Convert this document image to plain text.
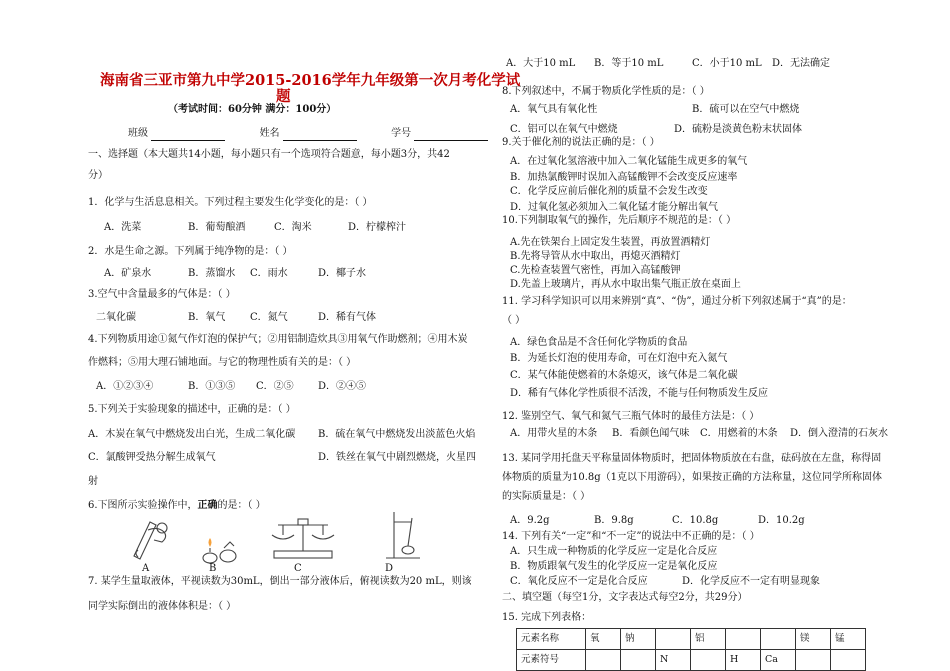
海南省三亚市第九中学2015-2016学年九年级第一次月考化学试
题
（考试时间：60分钟 满分：100分）
班级	姓名	学号
一、选择题（本大题共14小题，每小题只有一个选项符合题意，每小题3分，共42
分）
1．化学与生活息息相关。下列过程主要发生化学变化的是：（ ）
A．洗菜	B．葡萄酿酒	C．淘米	D．柠檬榨汁
2．水是生命之源。下列属于纯净物的是：（ ）
A．矿泉水	B．蒸馏水 C．雨水	D．椰子水
3.空气中含量最多的气体是：（ ）
二氧化碳	B．氧气 C．氮气	D．稀有气体
4.下列物质用途①氮气作灯泡的保护气；②用铝制造炊具③用氧气作助燃剂；④用木炭
作燃料；⑤用大理石铺地面。与它的物理性质有关的是：（ ）
A．①②③④	B．①③⑤ C．②⑤ D．②④⑤
5.下列关于实验现象的描述中，正确的是：（ ）
A．木炭在氧气中燃烧发出白光，生成二氧化碳 B．硫在氧气中燃烧发出淡蓝色火焰
C．氯酸钾受热分解生成氧气	D．铁丝在氧气中剧烈燃烧，火星四
射
6.下图所示实验操作中，正确的是：（ ）
A	B	C	D
7. 某学生量取液体，平视读数为30mL，倒出一部分液体后，俯视读数为20 mL，则该
同学实际倒出的液体体积是：（ ）
A．大于10 mL B．等于10 mL	C．小于10 mL D．无法确定
8.下列叙述中，不属于物质化学性质的是：（ ）
A．氧气具有氧化性	B．硫可以在空气中燃烧
C．铝可以在氧气中燃烧	D．硫粉是淡黄色粉末状固体
9.关于催化剂的说法正确的是：（ ）
A．在过氧化氢溶液中加入二氧化锰能生成更多的氧气
B．加热氯酸钾时误加入高锰酸钾不会改变反应速率
C．化学反应前后催化剂的质量不会发生改变
D．过氧化氢必须加入二氧化锰才能分解出氧气
10.下列制取氧气的操作，先后顺序不规范的是：（ ）
A.先在铁架台上固定发生装置，再放置酒精灯
B.先将导管从水中取出，再熄灭酒精灯
C.先检查装置气密性，再加入高锰酸钾
D.先盖上玻璃片，再从水中取出集气瓶正放在桌面上
11. 学习科学知识可以用来辨别“真”、“伪”，通过分析下列叙述属于“真”的是：
（ ）
A．绿色食品是不含任何化学物质的食品
B．为延长灯泡的使用寿命，可在灯泡中充入氮气
C．某气体能使燃着的木条熄灭，该气体是二氧化碳
D．稀有气体化学性质很不活泼，不能与任何物质发生反应
12. 鉴别空气、氧气和氮气三瓶气体时的最佳方法是：（ ）
A．用带火星的木条 B．看颜色闻气味 C．用燃着的木条 D．倒入澄清的石灰水
13. 某同学用托盘天平称量固体物质时，把固体物质放在右盘，砝码放在左盘，称得固
体物质的质量为10.8g（1克以下用游码），如果按正确的方法称量，这位同学所称固体
的实际质量是：（ ）
A．9.2g	B．9.8g	C．10.8g	D．10.2g
14. 下列有关“一定”和“不一定”的说法中不正确的是：（ ）
A．只生成一种物质的化学反应一定是化合反应
B．物质跟氧气发生的化学反应一定是氧化反应
C．氧化反应不一定是化合反应	D．化学反应不一定有明显现象
二、填空题（每空1分，文字表达式每空2分，共29分）
15. 完成下列表格：
元素名称	氧	钠		铝			镁	锰
元素符号			N		H	Ca		
